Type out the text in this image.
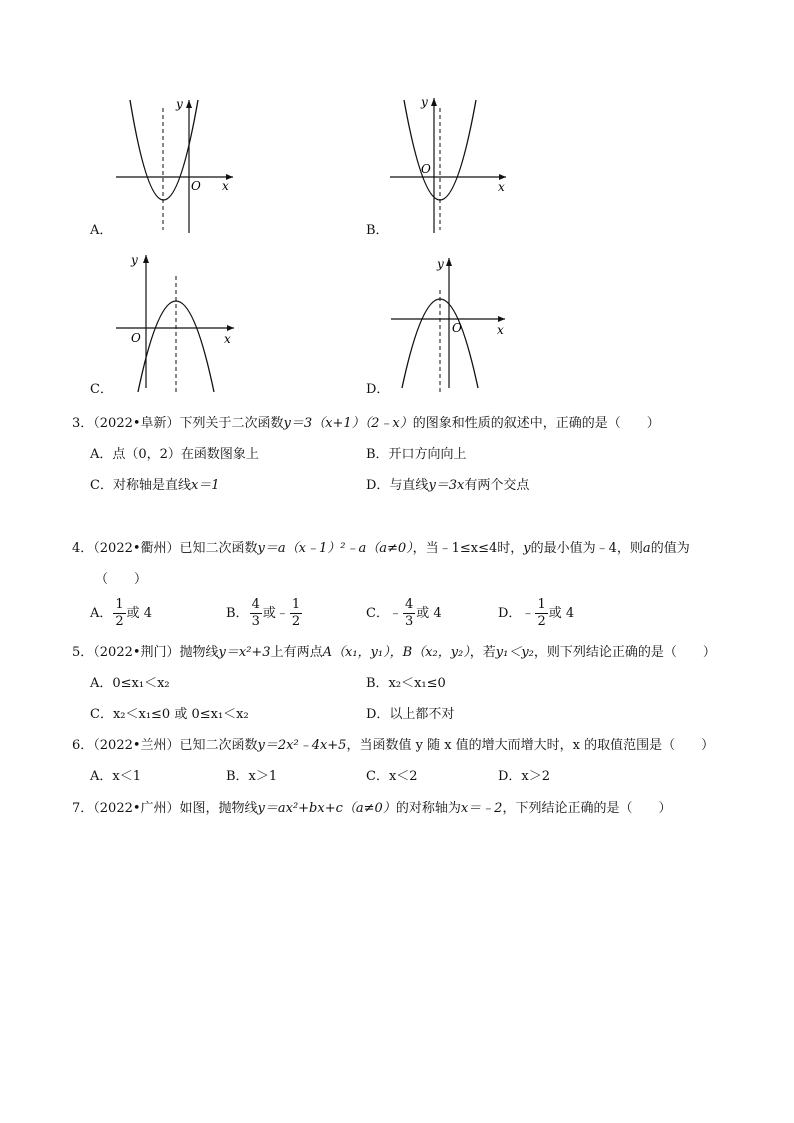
y
O x
y
O
x
y
O	x
y
O	x
A．	B．
C．	D．
3．（2022•阜新）下列关于二次函数y＝3（x+1）（2﹣x）的图象和性质的叙述中，正确的是（　　）
A．点（0，2）在函数图象上	B．开口方向向上
C．对称轴是直线x＝1	D．与直线y＝3x有两个交点
4．（2022•衢州）已知二次函数y＝a（x﹣1）²﹣a（a≠0），当﹣1≤x≤4时，y的最小值为﹣4，则a的值为
（　　）
A． $\frac{1}{2}$ 或 4	B． $\frac{4}{3}$ 或﹣ $\frac{1}{2}$	C．﹣ $\frac{4}{3}$ 或 4	D．﹣ $\frac{1}{2}$ 或 4
5．（2022•荆门）抛物线y＝x²+3上有两点A（x₁，y₁），B（x₂，y₂），若y₁＜y₂，则下列结论正确的是（　　）
A．0≤x₁＜x₂	B．x₂＜x₁≤0
C．x₂＜x₁≤0 或 0≤x₁＜x₂	D．以上都不对
6．（2022•兰州）已知二次函数y＝2x²﹣4x+5，当函数值 y 随 x 值的增大而增大时，x 的取值范围是（　　）
A．x＜1	B．x＞1	C．x＜2	D．x＞2
7．（2022•广州）如图，抛物线y＝ax²+bx+c（a≠0）的对称轴为x＝﹣2，下列结论正确的是（　　）
